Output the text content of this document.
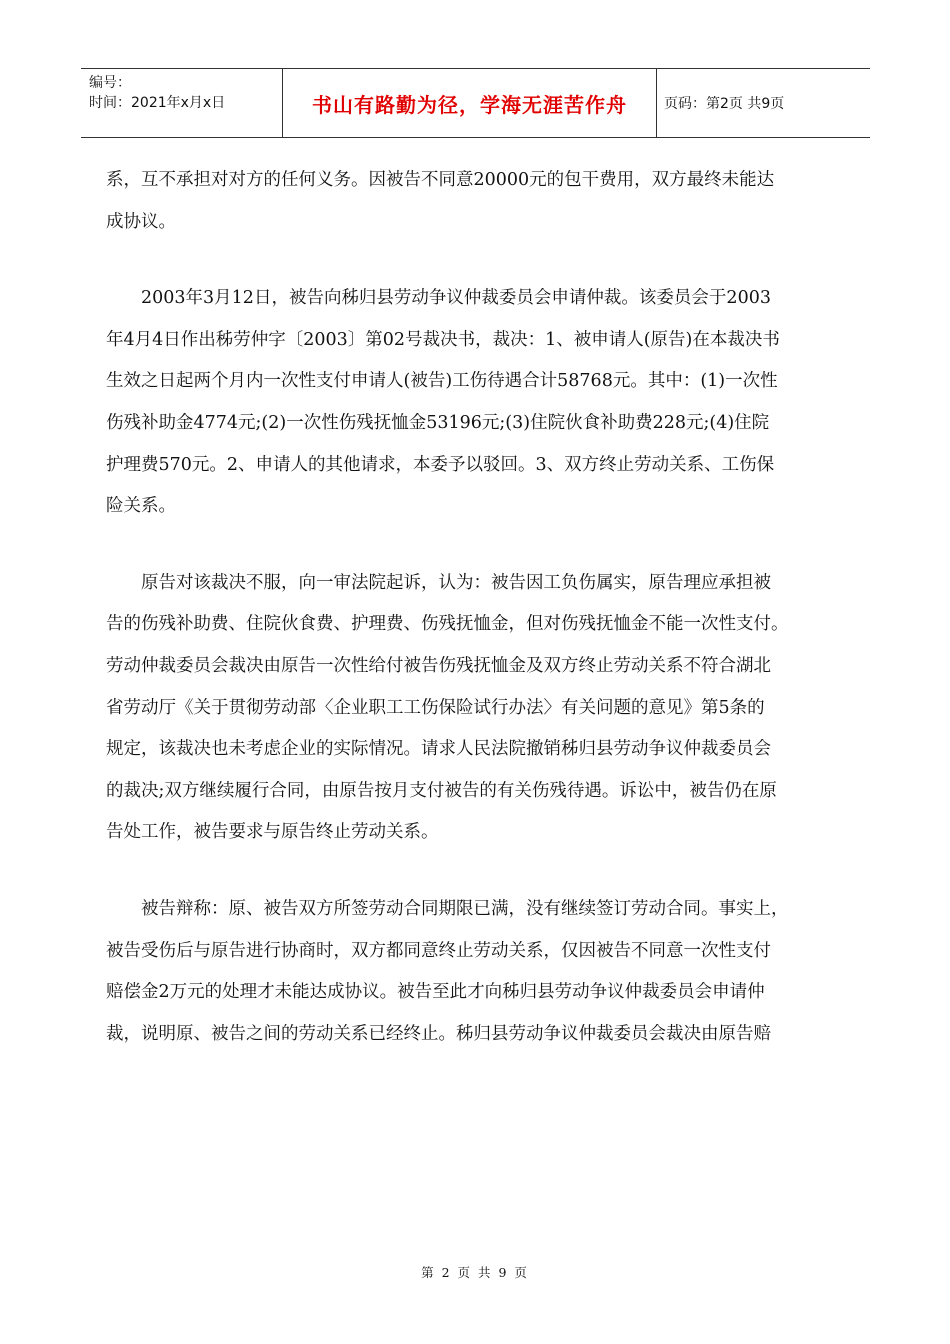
编号：
时间：2021年x月x日	书山有路勤为径，学海无涯苦作舟	页码：第2页 共9页

系，互不承担对对方的任何义务。因被告不同意20000元的包干费用，双方最终未能达
成协议。

　　2003年3月12日，被告向秭归县劳动争议仲裁委员会申请仲裁。该委员会于2003
年4月4日作出秭劳仲字〔2003〕第02号裁决书，裁决：1、被申请人(原告)在本裁决书
生效之日起两个月内一次性支付申请人(被告)工伤待遇合计58768元。其中：(1)一次性
伤残补助金4774元;(2)一次性伤残抚恤金53196元;(3)住院伙食补助费228元;(4)住院
护理费570元。2、申请人的其他请求，本委予以驳回。3、双方终止劳动关系、工伤保
险关系。

　　原告对该裁决不服，向一审法院起诉，认为：被告因工负伤属实，原告理应承担被
告的伤残补助费、住院伙食费、护理费、伤残抚恤金，但对伤残抚恤金不能一次性支付。
劳动仲裁委员会裁决由原告一次性给付被告伤残抚恤金及双方终止劳动关系不符合湖北
省劳动厅《关于贯彻劳动部〈企业职工工伤保险试行办法〉有关问题的意见》第5条的
规定，该裁决也未考虑企业的实际情况。请求人民法院撤销秭归县劳动争议仲裁委员会
的裁决;双方继续履行合同，由原告按月支付被告的有关伤残待遇。诉讼中，被告仍在原
告处工作，被告要求与原告终止劳动关系。

　　被告辩称：原、被告双方所签劳动合同期限已满，没有继续签订劳动合同。事实上，
被告受伤后与原告进行协商时，双方都同意终止劳动关系，仅因被告不同意一次性支付
赔偿金2万元的处理才未能达成协议。被告至此才向秭归县劳动争议仲裁委员会申请仲
裁，说明原、被告之间的劳动关系已经终止。秭归县劳动争议仲裁委员会裁决由原告赔

第 2 页 共 9 页
